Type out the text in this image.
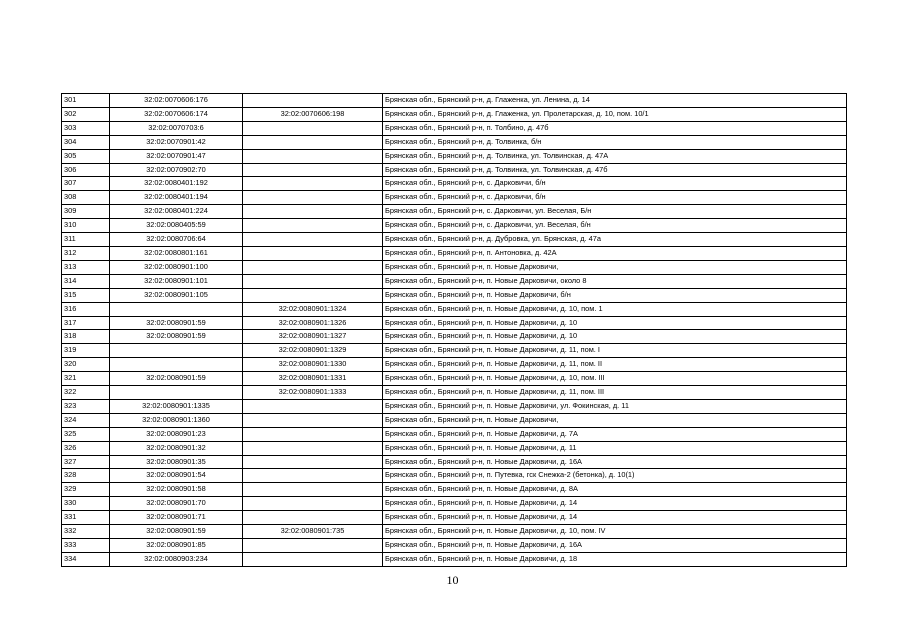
301	32:02:0070606:176		Брянская обл., Брянский р-н, д. Глаженка, ул. Ленина, д. 14
302	32:02:0070606:174	32:02:0070606:198	Брянская обл., Брянский р-н, д. Глаженка, ул. Пролетарская, д. 10, пом. 10/1
303	32:02:0070703:6		Брянская обл., Брянский р-н, п. Толбино, д. 47б
304	32:02:0070901:42		Брянская обл., Брянский р-н, д. Толвинка, б/н
305	32:02:0070901:47		Брянская обл., Брянский р-н, д. Толвинка, ул. Толвинская, д. 47А
306	32:02:0070902:70		Брянская обл., Брянский р-н, д. Толвинка, ул. Толвинская, д. 47б
307	32:02:0080401:192		Брянская обл., Брянский р-н, с. Дарковичи, б/н
308	32:02:0080401:194		Брянская обл., Брянский р-н, с. Дарковичи, б/н
309	32:02:0080401:224		Брянская обл., Брянский р-н, с. Дарковичи, ул. Веселая, Б/н
310	32:02:0080405:59		Брянская обл., Брянский р-н, с. Дарковичи, ул. Веселая, б/н
311	32:02:0080706:64		Брянская обл., Брянский р-н, д. Дубровка, ул. Брянская, д. 47а
312	32:02:0080801:161		Брянская обл., Брянский р-н, п. Антоновка, д. 42А
313	32:02:0080901:100		Брянская обл., Брянский р-н, п. Новые Дарковичи,
314	32:02:0080901:101		Брянская обл., Брянский р-н, п. Новые Дарковичи, около 8
315	32:02:0080901:105		Брянская обл., Брянский р-н, п. Новые Дарковичи, б/н
316		32:02:0080901:1324	Брянская обл., Брянский р-н, п. Новые Дарковичи, д. 10, пом. 1
317	32:02:0080901:59	32:02:0080901:1326	Брянская обл., Брянский р-н, п. Новые Дарковичи, д. 10
318	32:02:0080901:59	32:02:0080901:1327	Брянская обл., Брянский р-н, п. Новые Дарковичи, д. 10
319		32:02:0080901:1329	Брянская обл., Брянский р-н, п. Новые Дарковичи, д. 11, пом. I
320		32:02:0080901:1330	Брянская обл., Брянский р-н, п. Новые Дарковичи, д. 11, пом. II
321	32:02:0080901:59	32:02:0080901:1331	Брянская обл., Брянский р-н, п. Новые Дарковичи, д. 10, пом. III
322		32:02:0080901:1333	Брянская обл., Брянский р-н, п. Новые Дарковичи, д. 11, пом. III
323	32:02:0080901:1335		Брянская обл., Брянский р-н, п. Новые Дарковичи, ул. Фокинская, д. 11
324	32:02:0080901:1360		Брянская обл., Брянский р-н, п. Новые Дарковичи,
325	32:02:0080901:23		Брянская обл., Брянский р-н, п. Новые Дарковичи, д. 7А
326	32:02:0080901:32		Брянская обл., Брянский р-н, п. Новые Дарковичи, д. 11
327	32:02:0080901:35		Брянская обл., Брянский р-н, п. Новые Дарковичи, д. 16А
328	32:02:0080901:54		Брянская обл., Брянский р-н, п. Путевка, гск Снежка-2 (бетонка), д. 10(1)
329	32:02:0080901:58		Брянская обл., Брянский р-н, п. Новые Дарковичи, д. 8А
330	32:02:0080901:70		Брянская обл., Брянский р-н, п. Новые Дарковичи, д. 14
331	32:02:0080901:71		Брянская обл., Брянский р-н, п. Новые Дарковичи, д. 14
332	32:02:0080901:59	32:02:0080901:735	Брянская обл., Брянский р-н, п. Новые Дарковичи, д. 10, пом. IV
333	32:02:0080901:85		Брянская обл., Брянский р-н, п. Новые Дарковичи, д. 16А
334	32:02:0080903:234		Брянская обл., Брянский р-н, п. Новые Дарковичи, д. 18
10
